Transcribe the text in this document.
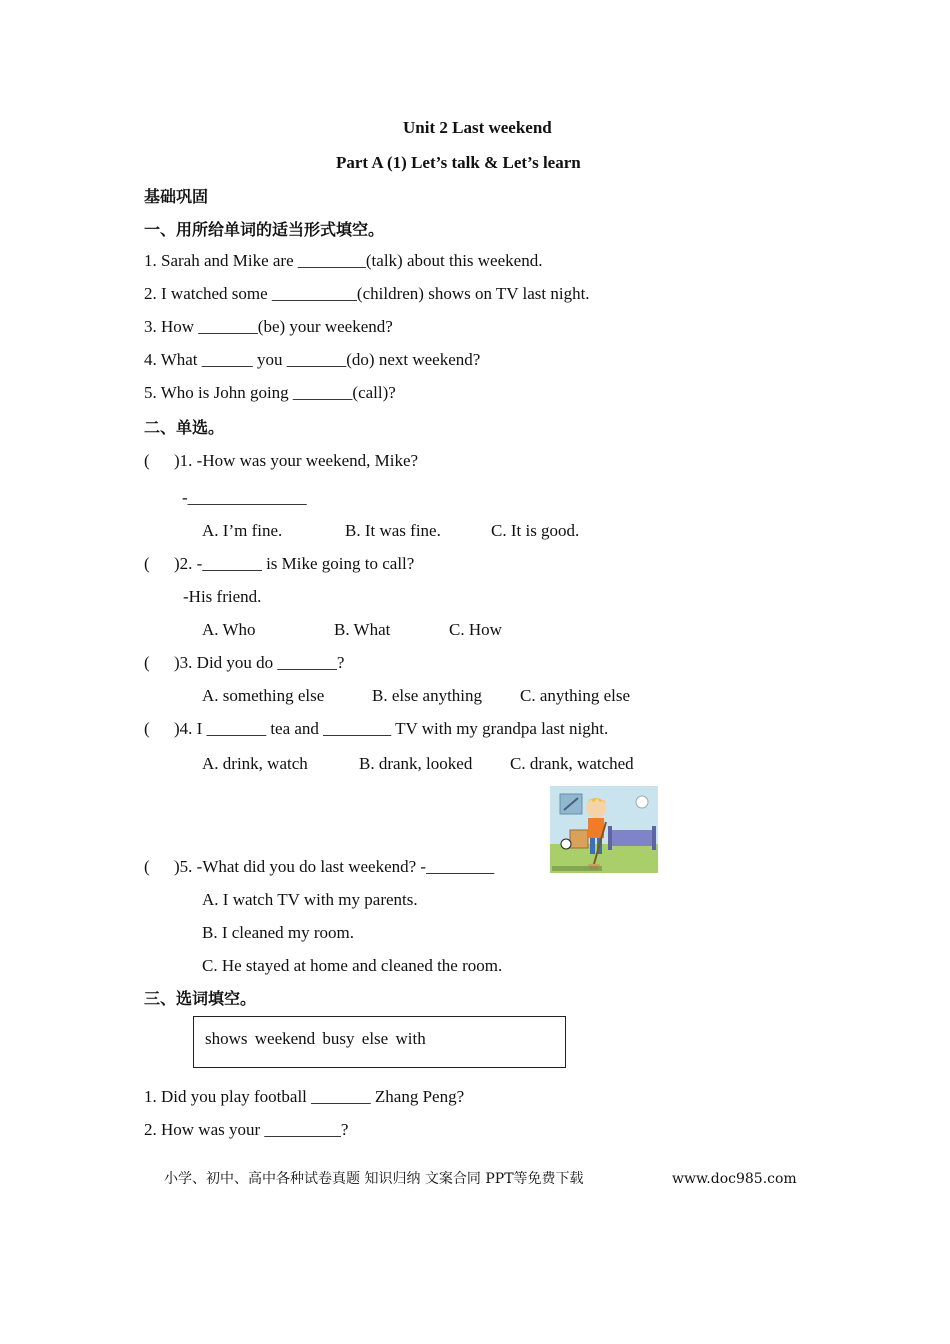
Unit 2 Last weekend
Part A (1) Let’s talk & Let’s learn
基础巩固
一、用所给单词的适当形式填空。
1. Sarah and Mike are ________(talk) about this weekend.
2. I watched some __________(children) shows on TV last night.
3. How _______(be) your weekend?
4. What ______ you _______(do) next weekend?
5. Who is John going _______(call)?
二、单选。
( )1. -How was your weekend, Mike?
-______________
A. I’m fine.	B. It was fine.	C. It is good.
( )2. -_______ is Mike going to call?
-His friend.
A. Who	B. What	C. How
( )3. Did you do _______?
A. something else	B. else anything C. anything else
( )4. I _______ tea and ________ TV with my grandpa last night.
A. drink, watch	B. drank, looked C. drank, watched
( )5. -What did you do last weekend? -________
A. I watch TV with my parents.
B. I cleaned my room.
C. He stayed at home and cleaned the room.
三、选词填空。
shows weekend busy else with
1. Did you play football _______ Zhang Peng?
2. How was your _________?
小学、初中、高中各种试卷真题 知识归纳 文案合同 PPT等免费下载	www.doc985.com
